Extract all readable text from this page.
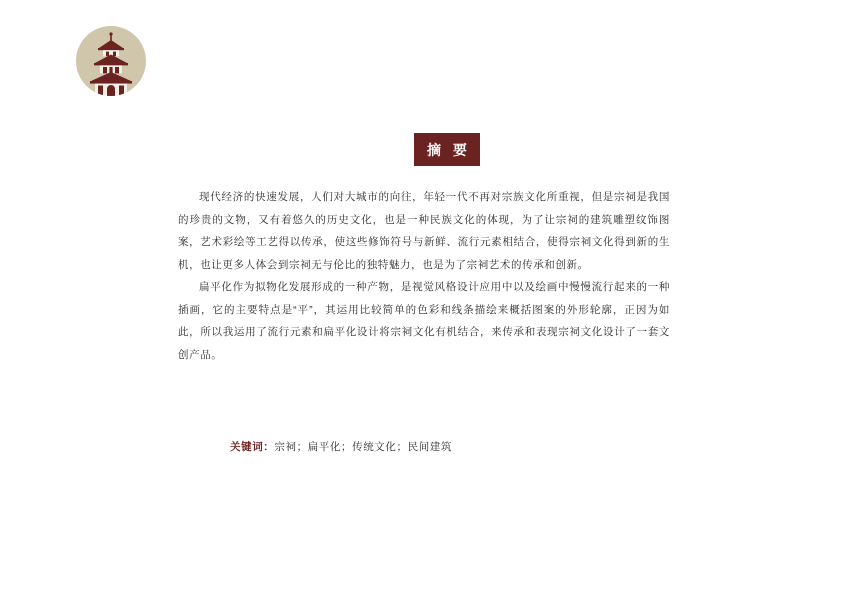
摘 要

现代经济的快速发展，人们对大城市的向往，年轻一代不再对宗族文化所重视，但是宗祠是我国的珍贵的文物，又有着悠久的历史文化，也是一种民族文化的体现，为了让宗祠的建筑雕塑纹饰图案，艺术彩绘等工艺得以传承，使这些修饰符号与新鲜、流行元素相结合，使得宗祠文化得到新的生机，也让更多人体会到宗祠无与伦比的独特魅力，也是为了宗祠艺术的传承和创新。

扁平化作为拟物化发展形成的一种产物，是视觉风格设计应用中以及绘画中慢慢流行起来的一种插画，它的主要特点是“平”，其运用比较简单的色彩和线条描绘来概括图案的外形轮廓，正因为如此，所以我运用了流行元素和扁平化设计将宗祠文化有机结合，来传承和表现宗祠文化设计了一套文创产品。

关键词：宗祠；扁平化；传统文化；民间建筑
